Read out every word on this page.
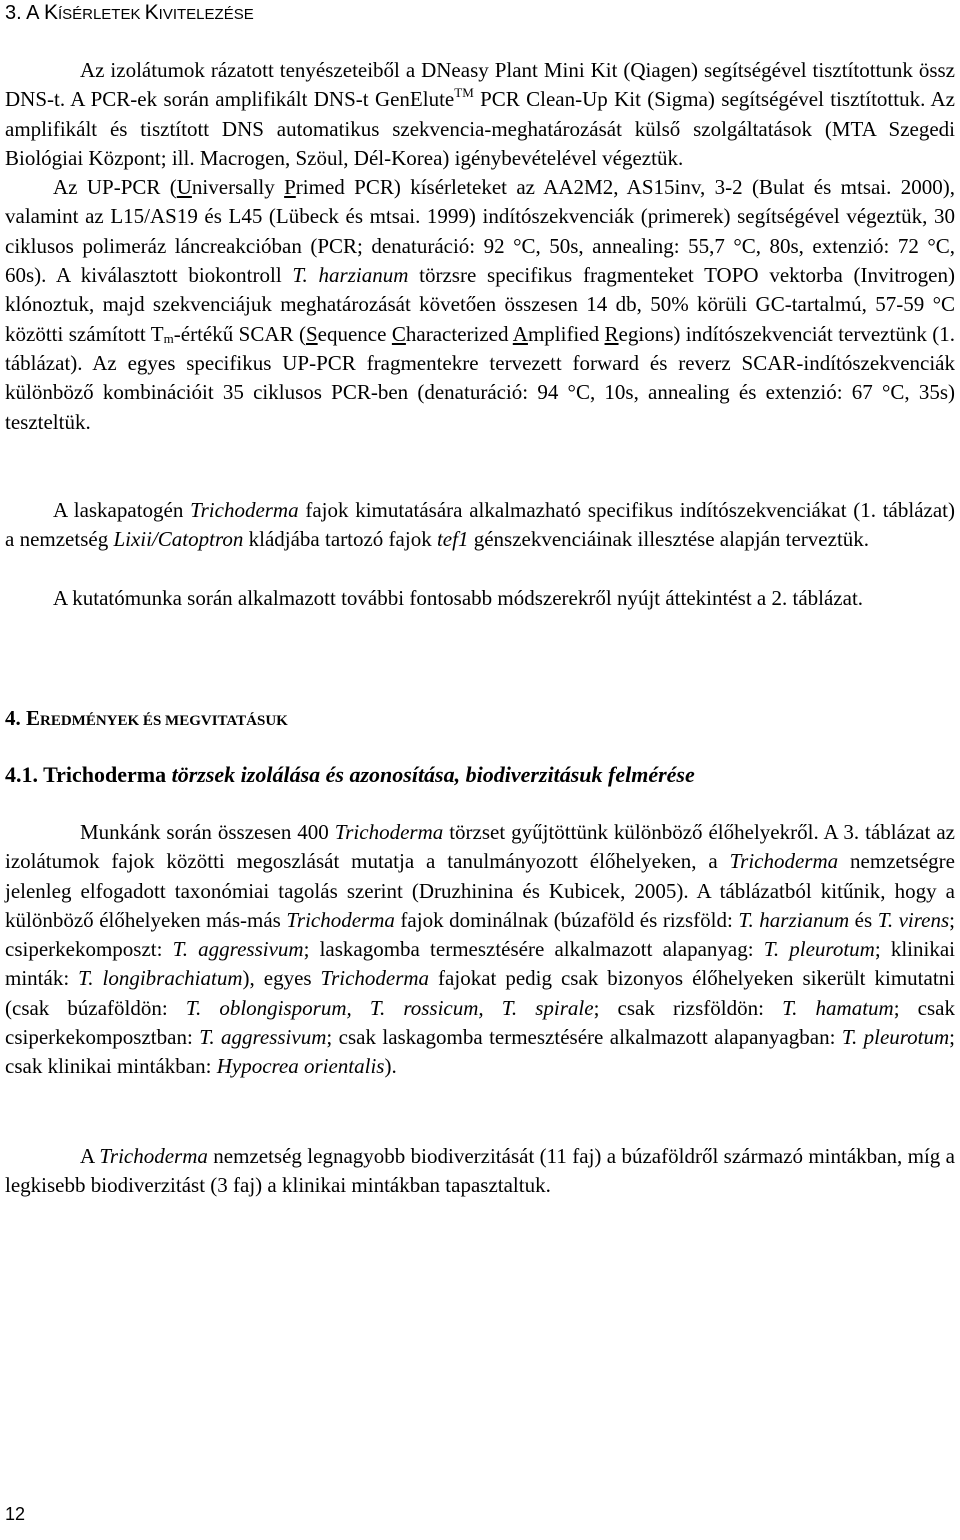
3. A KÍSÉRLETEK KIVITELEZÉSE

Az izolátumok rázatott tenyészeteiből a DNeasy Plant Mini Kit (Qiagen) segítségével tisztítottunk össz DNS-t. A PCR-ek során amplifikált DNS-t GenElute™ PCR Clean-Up Kit (Sigma) segítségével tisztítottuk. Az amplifikált és tisztított DNS automatikus szekvencia-meghatározását külső szolgáltatások (MTA Szegedi Biológiai Központ; ill. Macrogen, Szöul, Dél-Korea) igénybevételével végeztük.
Az UP-PCR (Universally Primed PCR) kísérleteket az AA2M2, AS15inv, 3-2 (Bulat és mtsai. 2000), valamint az L15/AS19 és L45 (Lübeck és mtsai. 1999) indítószekvenciák (primerek) segítségével végeztük, 30 ciklusos polimeráz láncreakcióban (PCR; denaturáció: 92 °C, 50s, annealing: 55,7 °C, 80s, extenzió: 72 °C, 60s). A kiválasztott biokontroll T. harzianum törzsre specifikus fragmenteket TOPO vektorba (Invitrogen) klónoztuk, majd szekvenciájuk meghatározását követően összesen 14 db, 50% körüli GC-tartalmú, 57-59 °C közötti számított $T_m$-értékű SCAR (Sequence Characterized Amplified Regions) indítószekvenciát terveztünk (1. táblázat). Az egyes specifikus UP-PCR fragmentekre tervezett forward és reverz SCAR-indítószekvenciák különböző kombinációit 35 ciklusos PCR-ben (denaturáció: 94 °C, 10s, annealing és extenzió: 67 °C, 35s) teszteltük.

A laskapatogén Trichoderma fajok kimutatására alkalmazható specifikus indítószekvenciákat (1. táblázat) a nemzetség Lixii/Catoptron kládjába tartozó fajok tef1 génszekvenciáinak illesztése alapján terveztük.

A kutatómunka során alkalmazott további fontosabb módszerekről nyújt áttekintést a 2. táblázat.

4. EREDMÉNYEK ÉS MEGVITATÁSUK
4.1. Trichoderma törzsek izolálása és azonosítása, biodiverzitásuk felmérése

Munkánk során összesen 400 Trichoderma törzset gyűjtöttünk különböző élőhelyekről. A 3. táblázat az izolátumok fajok közötti megoszlását mutatja a tanulmányozott élőhelyeken, a Trichoderma nemzetségre jelenleg elfogadott taxonómiai tagolás szerint (Druzhinina és Kubicek, 2005). A táblázatból kitűnik, hogy a különböző élőhelyeken más-más Trichoderma fajok dominálnak (búzaföld és rizsföld: T. harzianum és T. virens; csiperkekomposzt: T. aggressivum; laskagomba termesztésére alkalmazott alapanyag: T. pleurotum; klinikai minták: T. longibrachiatum), egyes Trichoderma fajokat pedig csak bizonyos élőhelyeken sikerült kimutatni (csak búzaföldön: T. oblongisporum, T. rossicum, T. spirale; csak rizsföldön: T. hamatum; csak csiperkekomposztban: T. aggressivum; csak laskagomba termesztésére alkalmazott alapanyagban: T. pleurotum; csak klinikai mintákban: Hypocrea orientalis).

A Trichoderma nemzetség legnagyobb biodiverzitását (11 faj) a búzaföldről származó mintákban, míg a legkisebb biodiverzitást (3 faj) a klinikai mintákban tapasztaltuk.

12
